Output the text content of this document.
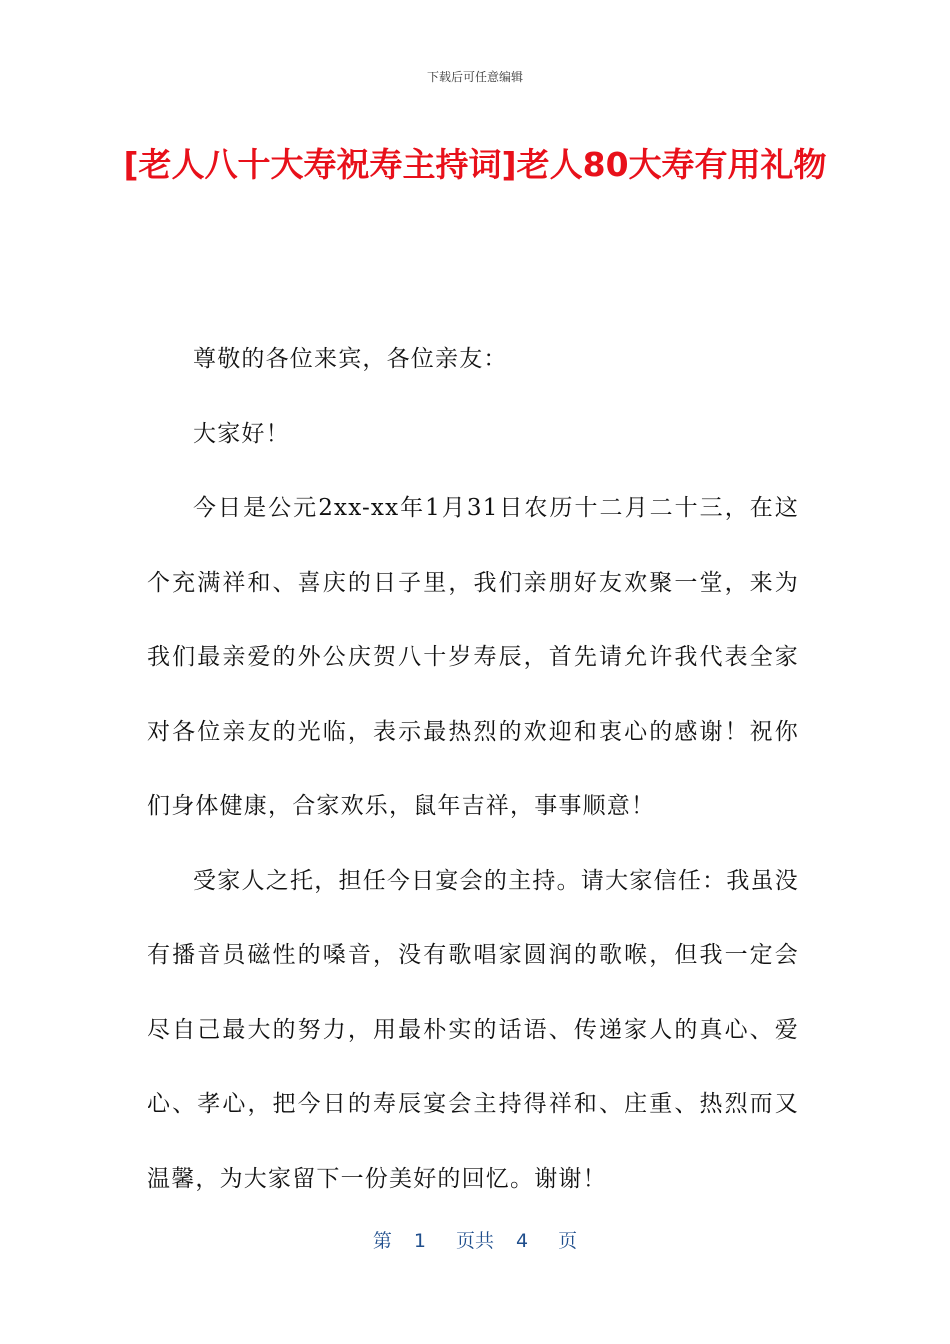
下载后可任意编辑
[老人八十大寿祝寿主持词]老人80大寿有用礼物

尊敬的各位来宾，各位亲友：

大家好！

今日是公元2xx-xx年1月31日农历十二月二十三，在这个充满祥和、喜庆的日子里，我们亲朋好友欢聚一堂，来为我们最亲爱的外公庆贺八十岁寿辰，首先请允许我代表全家对各位亲友的光临，表示最热烈的欢迎和衷心的感谢！祝你们身体健康，合家欢乐，鼠年吉祥，事事顺意！

受家人之托，担任今日宴会的主持。请大家信任：我虽没有播音员磁性的嗓音，没有歌唱家圆润的歌喉，但我一定会尽自己最大的努力，用最朴实的话语、传递家人的真心、爱心、孝心，把今日的寿辰宴会主持得祥和、庄重、热烈而又温馨，为大家留下一份美好的回忆。谢谢！

第 1 页共 4 页
